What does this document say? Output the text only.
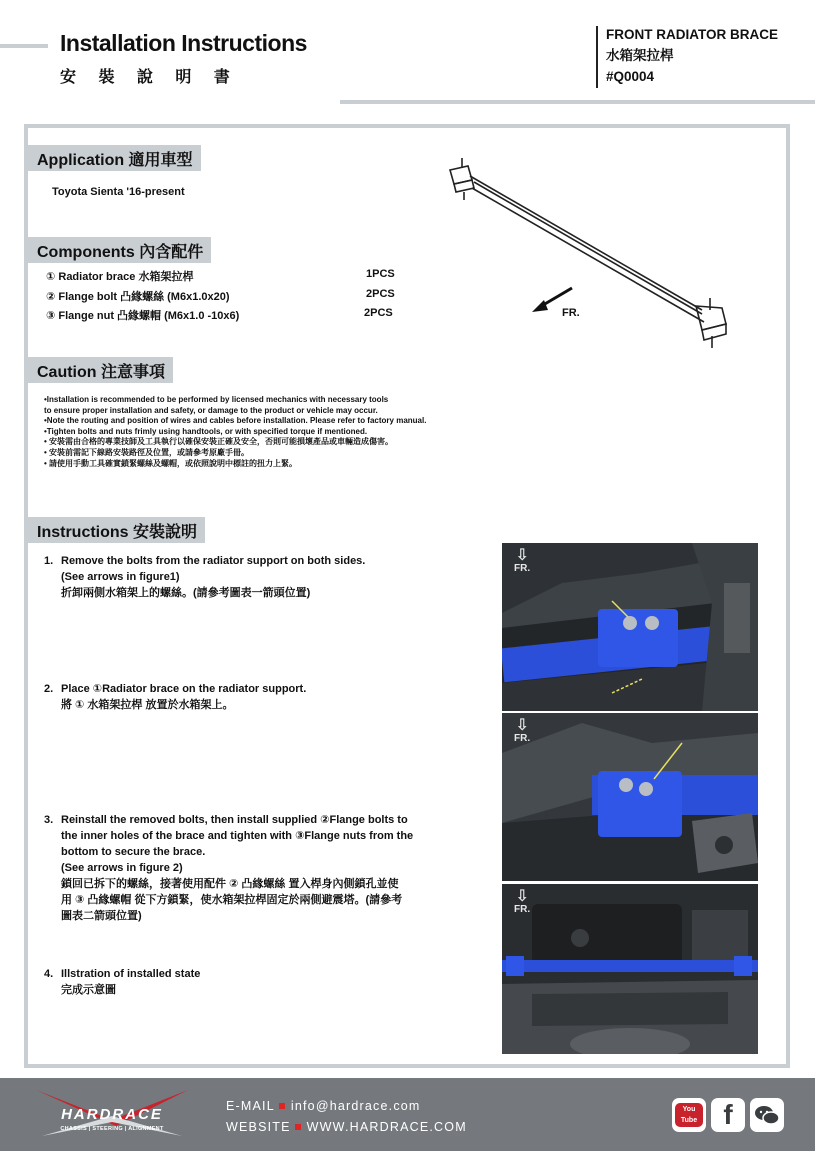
Installation Instructions
安 裝 說 明 書
FRONT RADIATOR BRACE
水箱架拉桿
#Q0004
Application 適用車型
Toyota Sienta '16-present
Components 內含配件
① Radiator brace 水箱架拉桿	1PCS
② Flange bolt 凸緣螺絲 (M6x1.0x20)	2PCS
③ Flange nut 凸緣螺帽 (M6x1.0 -10x6)	2PCS	FR.
Caution 注意事項
•Installation is recommended to be performed by licensed mechanics with necessary tools
to ensure proper installation and safety, or damage to the product or vehicle may occur.
•Note the routing and position of wires and cables before installation. Please refer to factory manual.
•Tighten bolts and nuts frimly using handtools, or with specified torque if mentioned.
• 安裝需由合格的專業技師及工具執行以確保安裝正確及安全，否則可能損壞產品或車輛造成傷害。
• 安裝前需記下線路安裝路徑及位置，或請參考原廠手冊。
• 請使用手動工具確實鎖緊螺絲及螺帽，或依照說明中標註的扭力上緊。
Instructions 安裝說明
1. Remove the bolts from the radiator support on both sides.
(See arrows in figure1)
折卸兩側水箱架上的螺絲。(請參考圖表一箭頭位置)
2. Place ①Radiator brace on the radiator support.
將 ① 水箱架拉桿 放置於水箱架上。
3. Reinstall the removed bolts, then install supplied ②Flange bolts to
the inner holes of the brace and tighten with ③Flange nuts from the
bottom to secure the brace.
(See arrows in figure 2)
鎖回已拆下的螺絲，接著使用配件 ② 凸緣螺絲 置入桿身內側鎖孔並使
用 ③ 凸緣螺帽 從下方鎖緊，使水箱架拉桿固定於兩側避震塔。(請參考
圖表二箭頭位置)
4. Illstration of installed state
完成示意圖
⇩
FR.
⇩
FR.
⇩
FR.
HARDRACE
CHASSIS | STEERING | ALIGNMENT
E-MAIL info@hardrace.com
WEBSITE WWW.HARDRACE.COM
You Tube f
